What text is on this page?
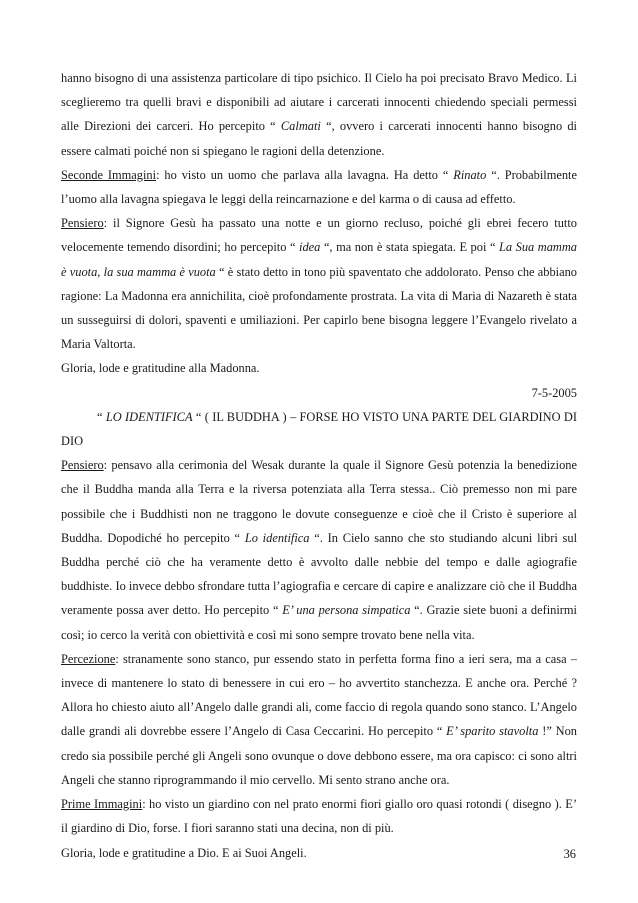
hanno bisogno di una assistenza particolare di tipo psichico. Il Cielo ha poi precisato Bravo Medico. Li sceglieremo tra quelli bravi e disponibili ad aiutare i carcerati innocenti chiedendo speciali permessi alle Direzioni dei carceri. Ho percepito “ Calmati “, ovvero i carcerati innocenti hanno bisogno di essere calmati poiché non si spiegano le ragioni della detenzione.

Seconde Immagini: ho visto un uomo che parlava alla lavagna. Ha detto “ Rinato “. Probabilmente l’uomo alla lavagna spiegava le leggi della reincarnazione e del karma o di causa ad effetto.

Pensiero: il Signore Gesù ha passato una notte e un giorno recluso, poiché gli ebrei fecero tutto velocemente temendo disordini; ho percepito “ idea “, ma non è stata spiegata. E poi “ La Sua mamma è vuota, la sua mamma è vuota “ è stato detto in tono più spaventato che addolorato. Penso che abbiano ragione: La Madonna era annichilita, cioè profondamente prostrata. La vita di Maria di Nazareth è stata un susseguirsi di dolori, spaventi e umiliazioni. Per capirlo bene bisogna leggere l’Evangelo rivelato a Maria Valtorta.

Gloria, lode e gratitudine alla Madonna.

7-5-2005

“ LO IDENTIFICA “ ( IL BUDDHA ) – FORSE HO VISTO UNA PARTE DEL GIARDINO DI DIO

Pensiero: pensavo alla cerimonia del Wesak durante la quale il Signore Gesù potenzia la benedizione che il Buddha manda alla Terra e la riversa potenziata alla Terra stessa.. Ciò premesso non mi pare possibile che i Buddhisti non ne traggono le dovute conseguenze e cioè che il Cristo è superiore al Buddha. Dopodiché ho percepito “ Lo identifica “. In Cielo sanno che sto studiando alcuni libri sul Buddha perché ciò che ha veramente detto è avvolto dalle nebbie del tempo e dalle agiografie buddhiste. Io invece debbo sfrondare tutta l’agiografia e cercare di capire e analizzare ciò che il Buddha veramente possa aver detto. Ho percepito “ E’ una persona simpatica “. Grazie siete buoni a definirmi così; io cerco la verità con obiettività e così mi sono sempre trovato bene nella vita.

Percezione: stranamente sono stanco, pur essendo stato in perfetta forma fino a ieri sera, ma a casa – invece di mantenere lo stato di benessere in cui ero – ho avvertito stanchezza. E anche ora. Perché ? Allora ho chiesto aiuto all’Angelo dalle grandi ali, come faccio di regola quando sono stanco. L’Angelo dalle grandi ali dovrebbe essere l’Angelo di Casa Ceccarini. Ho percepito “ E’ sparito stavolta !” Non credo sia possibile perché gli Angeli sono ovunque o dove debbono essere, ma ora capisco: ci sono altri Angeli che stanno riprogrammando il mio cervello. Mi sento strano anche ora.

Prime Immagini: ho visto un giardino con nel prato enormi fiori giallo oro quasi rotondi ( disegno ). E’ il giardino di Dio, forse. I fiori saranno stati una decina, non di più.

Gloria, lode e gratitudine a Dio. E ai Suoi Angeli.	36
